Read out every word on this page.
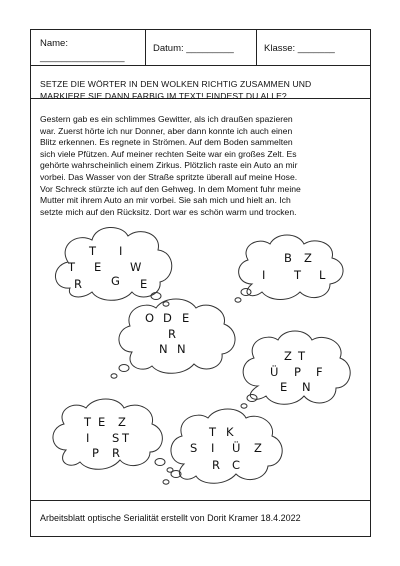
Name:
________________
Datum: _________	Klasse: _______
SETZE DIE WÖRTER IN DEN WOLKEN RICHTIG ZUSAMMEN UND
MARKIERE SIE DANN FARBIG IM TEXT! FINDEST DU ALLE?
Gestern gab es ein schlimmes Gewitter, als ich draußen spazieren
war. Zuerst hörte ich nur Donner, aber dann konnte ich auch einen
Blitz erkennen. Es regnete in Strömen. Auf dem Boden sammelten
sich viele Pfützen. Auf meiner rechten Seite war ein großes Zelt. Es
gehörte wahrscheinlich einem Zirkus. Plötzlich raste ein Auto an mir
vorbei. Das Wasser von der Straße spritzte überall auf meine Hose.
Vor Schreck stürzte ich auf den Gehweg. In dem Moment fuhr meine
Mutter mit ihrem Auto an mir vorbei. Sie sah mich und hielt an. Ich
setzte mich auf den Rücksitz. Dort war es schön warm und trocken.
Arbeitsblatt optische Serialität erstellt von Dorit Kramer 18.4.2022
T I
T E W
R	G E
B Z
I T L
O D E
R
N N	Z T
Ü P F
E N
T E Z
I S T
P R
T K
S I Ü Z
R C
